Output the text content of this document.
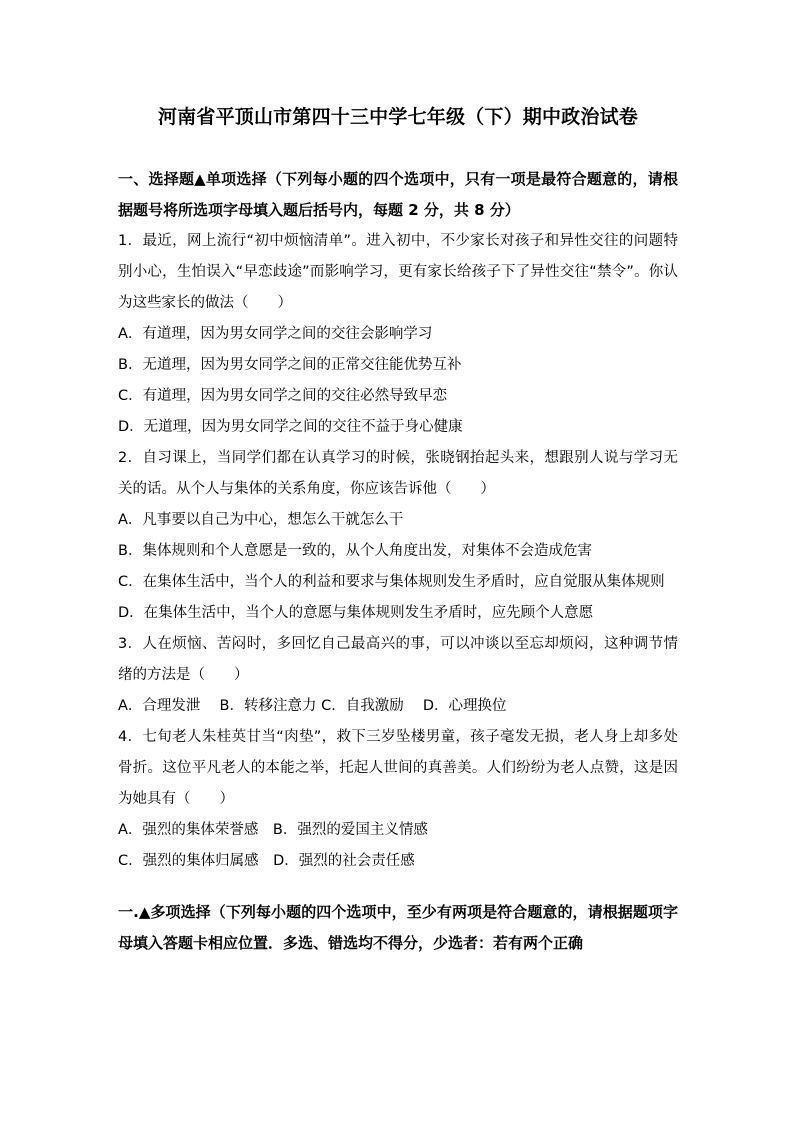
河南省平顶山市第四十三中学七年级（下）期中政治试卷

一、选择题▲单项选择（下列每小题的四个选项中，只有一项是最符合题意的，请根据题号将所选项字母填入题后括号内，每题 2 分，共 8 分）

1．最近，网上流行“初中烦恼清单”。进入初中，不少家长对孩子和异性交往的问题特别小心，生怕误入“早恋歧途”而影响学习，更有家长给孩子下了异性交往“禁令”。你认为这些家长的做法（　　）

A．有道理，因为男女同学之间的交往会影响学习

B．无道理，因为男女同学之间的正常交往能优势互补

C．有道理，因为男女同学之间的交往必然导致早恋

D．无道理，因为男女同学之间的交往不益于身心健康

2．自习课上，当同学们都在认真学习的时候，张晓钢抬起头来，想跟别人说与学习无关的话。从个人与集体的关系角度，你应该告诉他（　　）

A．凡事要以自己为中心，想怎么干就怎么干

B．集体规则和个人意愿是一致的，从个人角度出发，对集体不会造成危害

C．在集体生活中，当个人的利益和要求与集体规则发生矛盾时，应自觉服从集体规则

D．在集体生活中，当个人的意愿与集体规则发生矛盾时，应先顾个人意愿

3．人在烦恼、苦闷时，多回忆自己最高兴的事，可以冲谈以至忘却烦闷，这种调节情绪的方法是（　　）

A．合理发泄　 B．转移注意力 C．自我激励　 D．心理换位

4．七旬老人朱桂英甘当“肉垫”，救下三岁坠楼男童，孩子毫发无损，老人身上却多处骨折。这位平凡老人的本能之举，托起人世间的真善美。人们纷纷为老人点赞，这是因为她具有（　　）

A．强烈的集体荣誉感　B．强烈的爱国主义情感

C．强烈的集体归属感　D．强烈的社会责任感

一.▲多项选择（下列每小题的四个选项中，至少有两项是符合题意的，请根据题项字母填入答题卡相应位置．多选、错选均不得分，少选者：若有两个正确
